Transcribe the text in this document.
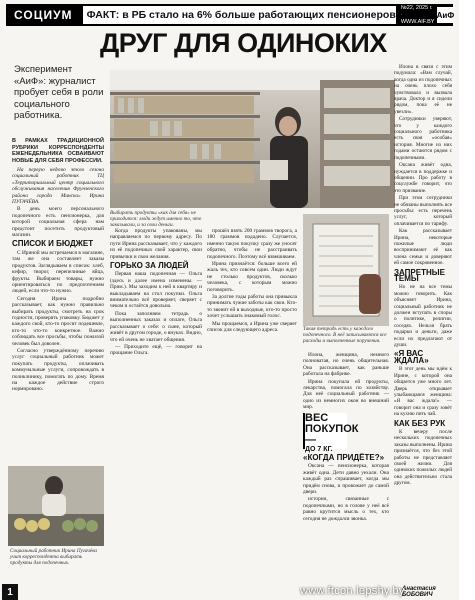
СОЦИУМ	ФАКТ: в РБ стало на 6% больше работающих пенсионеров
№22, 2025 г. · WWW.AIF.BY
АиФ 5
ДРУГ ДЛЯ ОДИНОКИХ
Эксперимент «АиФ»: журналист пробует себя в роли социального работника.
Выбирать продукты «как для себя» не приходится: люди ждут именно то, что заказывали, и за свои деньги.
В РАМКАХ ТРАДИЦИОННОЙ РУБРИКИ КОРРЕСПОНДЕНТЫ ЕЖЕНЕДЕЛЬНИКА ОСВАИВАЮТ НОВЫЕ ДЛЯ СЕБЯ ПРОФЕССИИ.

На первую неделю этого сезона социальный работник ТЦ «Территориальный центр социального обслуживания населения Фрунзенского района города Минска» Ирина ПУГАЧЁВА.

В день моего персонального подопечного есть пенсионерка, для которой социальная сфера нам предстоит посетить продуктовый магазин.

СПИСОК И БЮДЖЕТ

С Ириной мы встречаемся в магазине, там же она составляет заказы продуктов. Заглядываем в список: хлеб, кефир, творог, перепелиные яйца, фрукты. Выбираем товары, нужно ориентироваться по предпочтениям людей, если что-то нужно.

Сегодня Ирина подробно рассказывает, как нужно правильно выбирать продукты, смотреть на срок годности, проверять упаковку. Бюджет у каждого свой, кто-то просит подешевле, кто-то что-то конкретное. Важно соблюдать все просьбы, чтобы пожилой человек был доволен.

Согласно утверждённому перечню услуг социальный работник может покупать продукты, оплачивать коммунальные услуги, сопровождать в поликлинику, помогать по дому. Время на каждое действие строго нормировано.

Социальный работник Ирина Пугачёва учит корреспондента выбирать продукты для подопечных.

Когда продукты упакованы, мы направляемся по первому адресу. По пути Ирина рассказывает, что у каждого из её подопечных свой характер, свои привычки и свои желания.

ГОРЬКО ЗА ЛЮДЕЙ

Первая наша подопечная — Ольга (здесь и далее имена изменены. — Прим.). Мы заходим к ней в квартиру и выкладываем на стол покупки. Ольга внимательно всё проверяет, сверяет с чеком и остаётся довольна.

Пока заполняем тетрадь о выполненных заказах и оплате, Ольга рассказывает о себе: о сыне, который живёт в другом городе, о внуках. Видно, что ей очень не хватает общения.

— Приходите ещё, — говорит на прощание Ольга.

прошёл взять 200 граммов творога, а 180 граммов подадено. Случается, именно такую покупку сразу же уносят обратно, чтобы не расстраивать подопечного. Поэтому всё взвешиваем.

Ирина признаётся: больше всего ей жаль тех, кто совсем один. Люди ждут не столько продуктов, сколько человека, с которым можно поговорить.

За долгие годы работы она привыкла принимать чужие заботы как свои. Кто-то звонит ей в выходные, кто-то просто хочет услышать знакомый голос.

Мы прощаемся, а Ирина уже сверяет список для следующего адреса.	Такая тетрадь есть у каждого подопечного. В неё записываются все расходы и выполненные поручения.

Илона, женщина, немного полноватая, но очень общительная. Она рассказывает, как раньше работала на фабрике.

Ирина покупала ей продукты, лекарства, помогала по хозяйству. Для неё социальный работник — одно из немногих окон во внешний мир.

ВЕС ПОКУПОК —
ДО 7 КГ.
«КОГДА ПРИДЁТЕ?»

Оксана — пенсионерка, которая живёт одна. Дети давно уехали. Она каждый раз спрашивает, когда мы придём снова, и провожает до самой двери.

истории, связанные с подопечными, но в голове у неё всё равно крутится мысль о тех, кто сегодня не дождался звонка.

Илона в связи с этим подумала: «Вам случай, когда одна из подопечных на очень плохо себя чувствовала и вызвала врача. Доктор и я сидели рядом, пока её не увезли».

Сотрудники уверяют, что у каждого социального работника есть своя «особая» история. Многие из них годами остаются рядом с подопечными.

Оксана живёт одна, нуждается в поддержке и общении. Про работу в соцслужбе говорит, что это призвание.

При этом сотрудники не обязаны выполнять все просьбы: есть перечень услуг, который оплачивается по тарифу.

Как рассказывает Ирина, некоторые пожилые люди воспринимают её как члена семьи и доверяют ей самое сокровенное.

ЗАПРЕТНЫЕ ТЕМЫ

Но не на все темы можно говорить. Как объясняет Ирина, социальный работник не должен вступать в споры о политике, религии, соседях. Нельзя брать подарки и деньги, даже если их предлагают от души.

«Я ВАС ЖДАЛА»

В этот день мы идём к Ирине, с которой она общается уже много лет. Дверь открывает улыбающаяся женщина: «Я вас ждала!» — говорит она и сразу зовёт на кухню пить чай.

КАК БЕЗ РУК

К вечеру после нескольких подопечных заказы выполнены. Ирина признаётся, что без этой работы не представляет своей жизни. Для одиноких пожилых людей она действительно стала другом.

Анастасия БОБОВИЧ
www.ftcon.lepshy.by
1
